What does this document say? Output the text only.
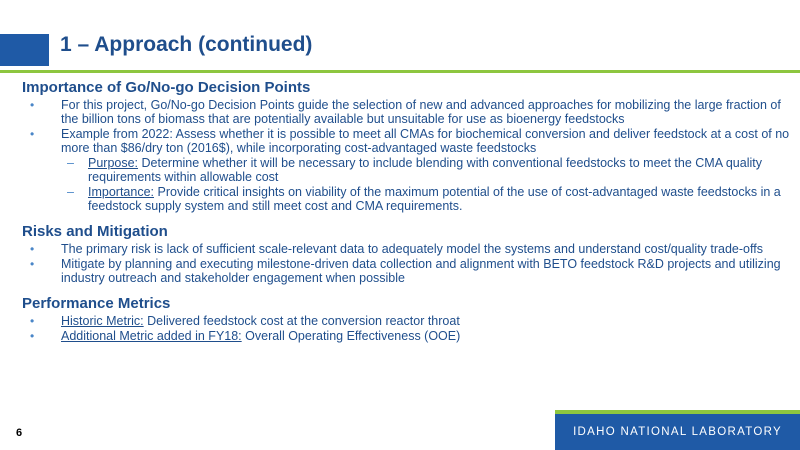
1 – Approach (continued)
Importance of Go/No-go Decision Points
• For this project, Go/No-go Decision Points guide the selection of new and advanced approaches for mobilizing the large fraction of the billion tons of biomass that are potentially available but unsuitable for use as bioenergy feedstocks
• Example from 2022: Assess whether it is possible to meet all CMAs for biochemical conversion and deliver feedstock at a cost of no more than $86/dry ton (2016$), while incorporating cost-advantaged waste feedstocks
– Purpose: Determine whether it will be necessary to include blending with conventional feedstocks to meet the CMA quality requirements within allowable cost
– Importance: Provide critical insights on viability of the maximum potential of the use of cost-advantaged waste feedstocks in a feedstock supply system and still meet cost and CMA requirements.
Risks and Mitigation
• The primary risk is lack of sufficient scale-relevant data to adequately model the systems and understand cost/quality trade-offs
• Mitigate by planning and executing milestone-driven data collection and alignment with BETO feedstock R&D projects and utilizing industry outreach and stakeholder engagement when possible
Performance Metrics
• Historic Metric: Delivered feedstock cost at the conversion reactor throat
• Additional Metric added in FY18: Overall Operating Effectiveness (OOE)
6	IDAHO NATIONAL LABORATORY
